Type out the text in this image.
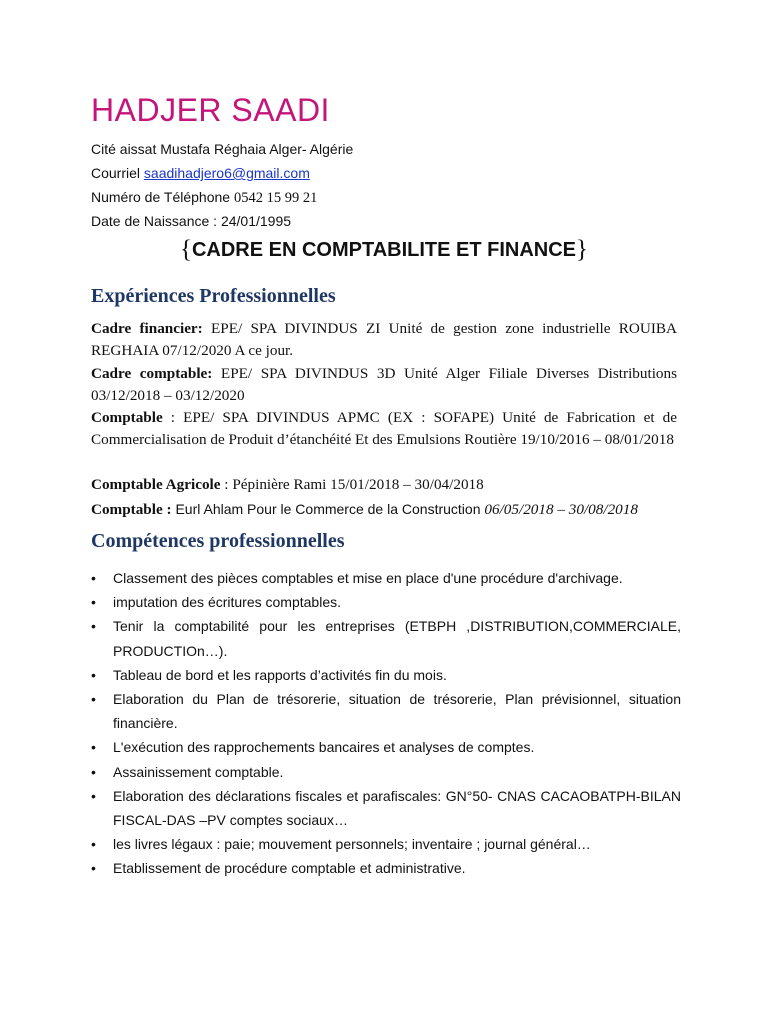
HADJER SAADI
Cité aissat Mustafa Réghaia Alger- Algérie
Courriel saadihadjero6@gmail.com
Numéro de Téléphone 0542 15 99 21
Date de Naissance : 24/01/1995
{CADRE EN COMPTABILITE ET FINANCE}
Expériences Professionnelles
Cadre financier: EPE/ SPA DIVINDUS ZI Unité de gestion zone industrielle ROUIBA REGHAIA 07/12/2020 A ce jour.
Cadre comptable: EPE/ SPA DIVINDUS 3D Unité Alger Filiale Diverses Distributions 03/12/2018 – 03/12/2020
Comptable : EPE/ SPA DIVINDUS APMC (EX : SOFAPE) Unité de Fabrication et de Commercialisation de Produit d’étanchéité Et des Emulsions Routière 19/10/2016 – 08/01/2018
Comptable Agricole : Pépinière Rami 15/01/2018 – 30/04/2018
Comptable : Eurl Ahlam Pour le Commerce de la Construction 06/05/2018 – 30/08/2018
Compétences professionnelles
• Classement des pièces comptables et mise en place d'une procédure d'archivage.
• imputation des écritures comptables.
• Tenir la comptabilité pour les entreprises (ETBPH ,DISTRIBUTION,COMMERCIALE, PRODUCTIOn…).
• Tableau de bord et les rapports d’activités fin du mois.
• Elaboration du Plan de trésorerie, situation de trésorerie, Plan prévisionnel, situation financière.
• L'exécution des rapprochements bancaires et analyses de comptes.
• Assainissement comptable.
• Elaboration des déclarations fiscales et parafiscales: GN°50- CNAS CACAOBATPH-BILAN FISCAL-DAS –PV comptes sociaux…
• les livres légaux : paie; mouvement personnels; inventaire ; journal général…
• Etablissement de procédure comptable et administrative.
